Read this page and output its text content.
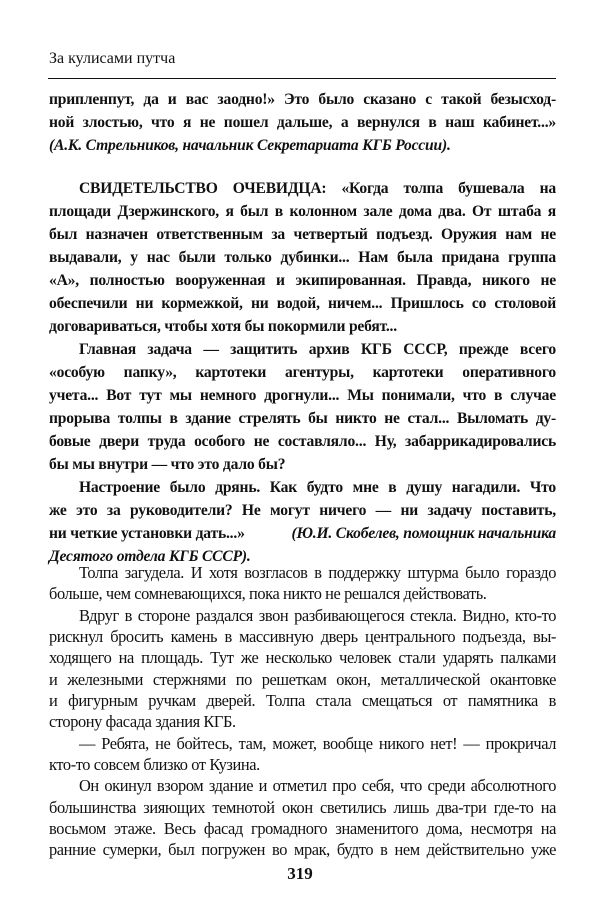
За кулисами путча
припленпут, да и вас заодно!» Это было сказано с такой безысход-
ной злостью, что я не пошел дальше, а вернулся в наш кабинет...»
(А.К. Стрельников, начальник Секретариата КГБ России).
СВИДЕТЕЛЬСТВО ОЧЕВИДЦА: «Когда толпа бушевала на
площади Дзержинского, я был в колонном зале дома два. От штаба я
был назначен ответственным за четвертый подъезд. Оружия нам не
выдавали, у нас были только дубинки... Нам была придана группа
«А», полностью вооруженная и экипированная. Правда, никого не
обеспечили ни кормежкой, ни водой, ничем... Пришлось со столовой
договариваться, чтобы хотя бы покормили ребят...
Главная задача — защитить архив КГБ СССР, прежде всего
«особую папку», картотеки агентуры, картотеки оперативного
учета... Вот тут мы немного дрогнули... Мы понимали, что в случае
прорыва толпы в здание стрелять бы никто не стал... Выломать ду-
бовые двери труда особого не составляло... Ну, забаррикадировались
бы мы внутри — что это дало бы?
Настроение было дрянь. Как будто мне в душу нагадили. Что
же это за руководители? Не могут ничего — ни задачу поставить,
ни четкие установки дать...»	(Ю.И. Скобелев, помощник начальника
Десятого отдела КГБ СССР).
Толпа загудела. И хотя возгласов в поддержку штурма было гораздо
больше, чем сомневающихся, пока никто не решался действовать.
Вдруг в стороне раздался звон разбивающегося стекла. Видно, кто-то
рискнул бросить камень в массивную дверь центрального подъезда, вы-
ходящего на площадь. Тут же несколько человек стали ударять палками
и железными стержнями по решеткам окон, металлической окантовке
и фигурным ручкам дверей. Толпа стала смещаться от памятника в
сторону фасада здания КГБ.
— Ребята, не бойтесь, там, может, вообще никого нет! — прокричал
кто-то совсем близко от Кузина.
Он окинул взором здание и отметил про себя, что среди абсолютного
большинства зияющих темнотой окон светились лишь два-три где-то на
восьмом этаже. Весь фасад громадного знаменитого дома, несмотря на
ранние сумерки, был погружен во мрак, будто в нем действительно уже
319
